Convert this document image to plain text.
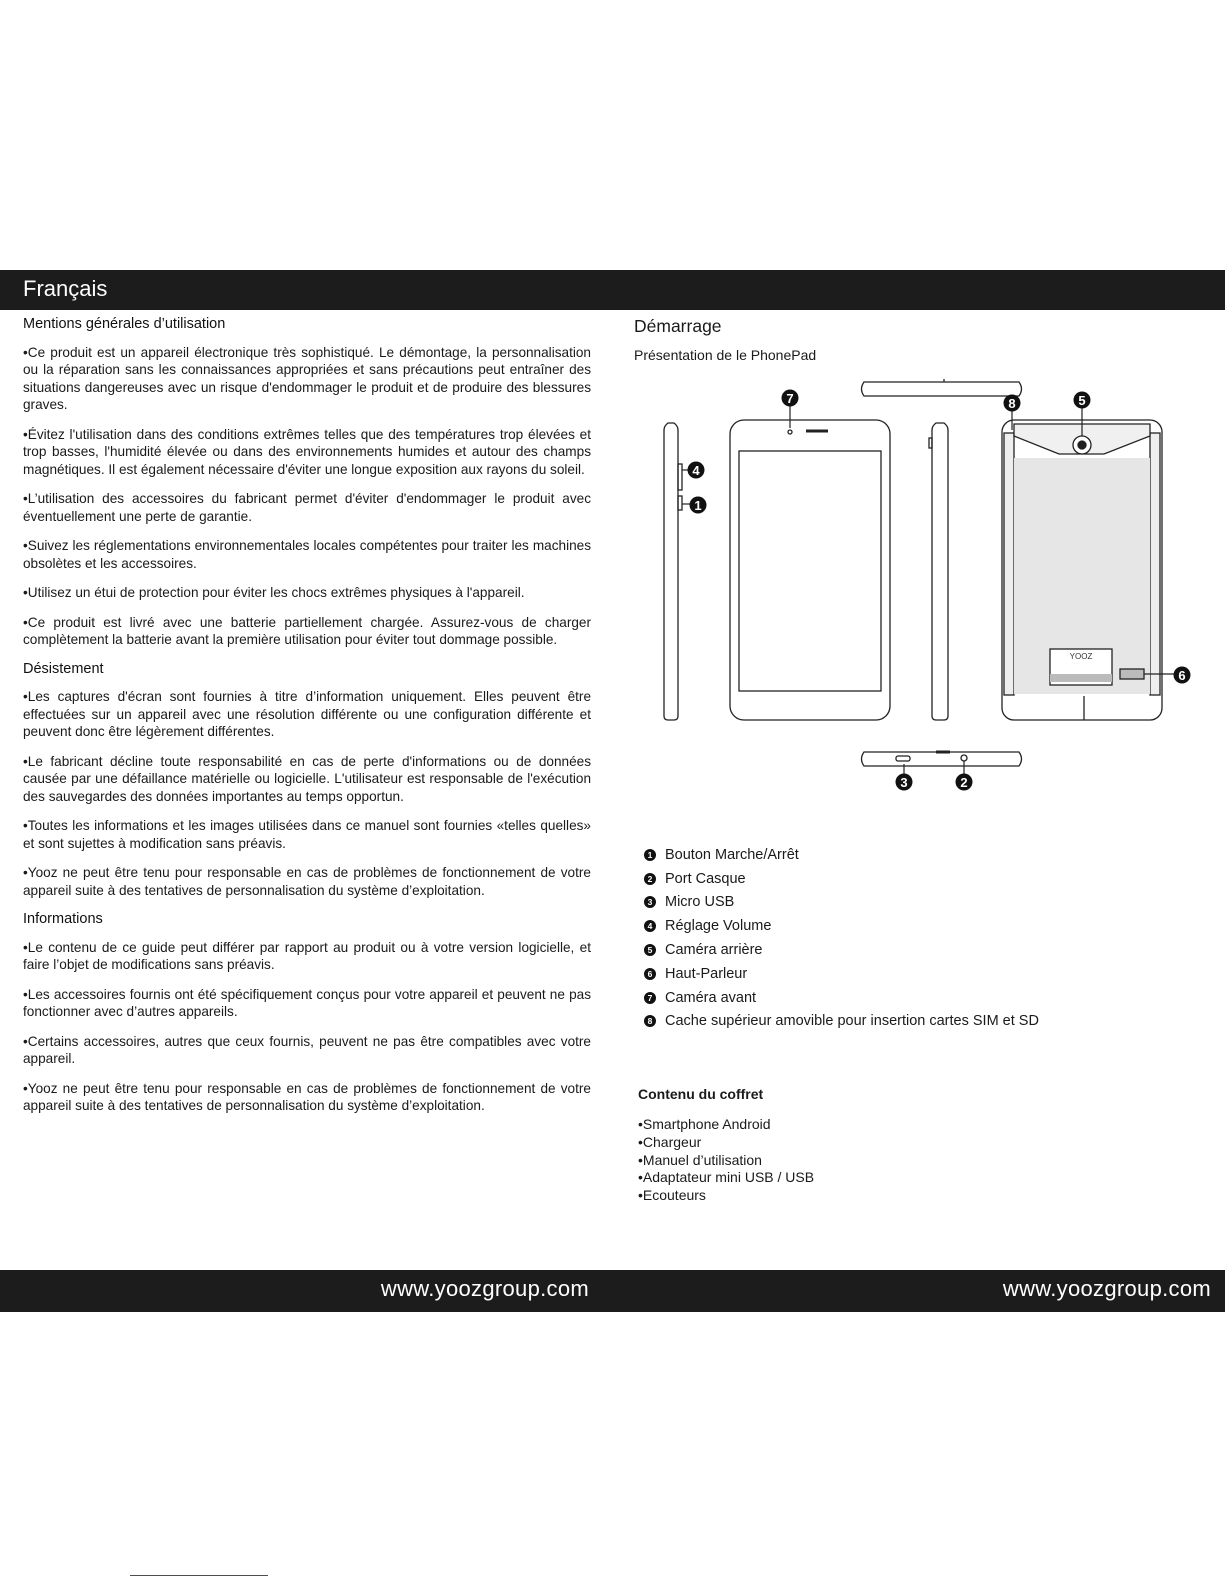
Français
Mentions générales d’utilisation

•Ce produit est un appareil électronique très sophistiqué. Le démontage, la personnalisation ou la réparation sans les connaissances appropriées et sans précautions peut entraîner des situations dangereuses avec un risque d'endommager le produit et de produire des blessures graves.

•Évitez l'utilisation dans des conditions extrêmes telles que des températures trop élevées et trop basses, l'humidité élevée ou dans des environnements humides et autour des champs magnétiques. Il est également nécessaire d'éviter une longue exposition aux rayons du soleil.

•L’utilisation des accessoires du fabricant permet d'éviter d'endommager le produit avec éventuellement une perte de garantie.

•Suivez les réglementations environnementales locales compétentes pour traiter les machines obsolètes et les accessoires.

•Utilisez un étui de protection pour éviter les chocs extrêmes physiques à l'appareil.

•Ce produit est livré avec une batterie partiellement chargée. Assurez-vous de charger complètement la batterie avant la première utilisation pour éviter tout dommage possible.

Désistement

•Les captures d'écran sont fournies à titre d’information uniquement. Elles peuvent être effectuées sur un appareil avec une résolution différente ou une configuration différente et peuvent donc être légèrement différentes.

•Le fabricant décline toute responsabilité en cas de perte d'informations ou de données causée par une défaillance matérielle ou logicielle. L'utilisateur est responsable de l'exécution des sauvegardes des données importantes au temps opportun.

•Toutes les informations et les images utilisées dans ce manuel sont fournies «telles quelles» et sont sujettes à modification sans préavis.

•Yooz ne peut être tenu pour responsable en cas de problèmes de fonctionnement de votre appareil suite à des tentatives de personnalisation du système d’exploitation.

Informations

•Le contenu de ce guide peut différer par rapport au produit ou à votre version logicielle, et faire l’objet de modifications sans préavis.

•Les accessoires fournis ont été spécifiquement conçus pour votre appareil et peuvent ne pas fonctionner avec d’autres appareils.

•Certains accessoires, autres que ceux fournis, peuvent ne pas être compatibles avec votre appareil.

•Yooz ne peut être tenu pour responsable en cas de problèmes de fonctionnement de votre appareil suite à des tentatives de personnalisation du système d’exploitation.

Démarrage
Présentation de le PhonePad
7	8	5
4
1
6
3	2
YOOZ
1 Bouton Marche/Arrêt
2 Port Casque
3 Micro USB
4 Réglage Volume
5 Caméra arrière
6 Haut-Parleur
7 Caméra avant
8 Cache supérieur amovible pour insertion cartes SIM et SD
Contenu du coffret
•Smartphone Android
•Chargeur
•Manuel d’utilisation
•Adaptateur mini USB / USB
•Ecouteurs
www.yoozgroup.com	www.yoozgroup.com
